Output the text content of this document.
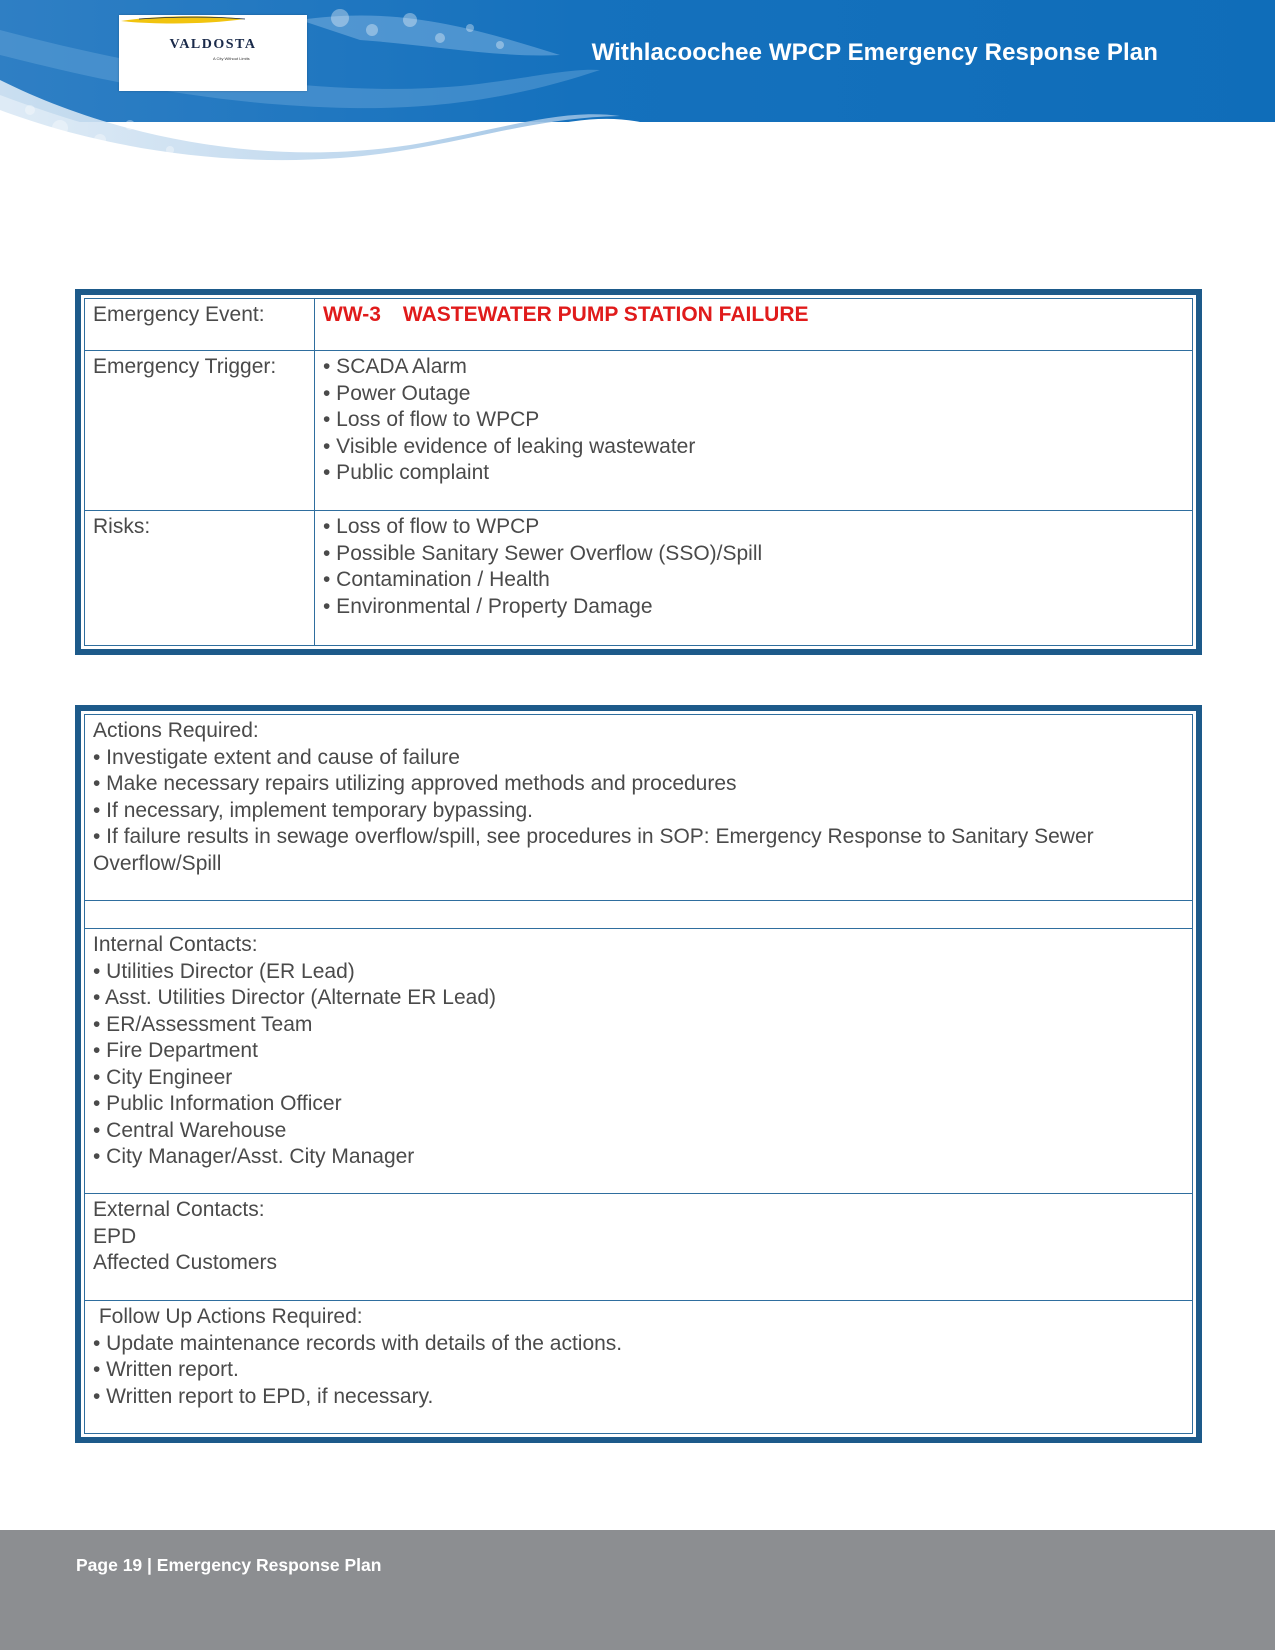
VALDOSTA
A City Without Limits	Withlacoochee WPCP Emergency Response Plan
Emergency Event:	WW-3 WASTEWATER PUMP STATION FAILURE
Emergency Trigger:	• SCADA Alarm
• Power Outage
• Loss of flow to WPCP
• Visible evidence of leaking wastewater
• Public complaint

Risks:	• Loss of flow to WPCP
• Possible Sanitary Sewer Overflow (SSO)/Spill
• Contamination / Health
• Environmental / Property Damage
Actions Required:
• Investigate extent and cause of failure
• Make necessary repairs utilizing approved methods and procedures
• If necessary, implement temporary bypassing.
• If failure results in sewage overflow/spill, see procedures in SOP: Emergency Response to Sanitary Sewer Overflow/Spill

Internal Contacts:
• Utilities Director (ER Lead)
• Asst. Utilities Director (Alternate ER Lead)
• ER/Assessment Team
• Fire Department
• City Engineer
• Public Information Officer
• Central Warehouse
• City Manager/Asst. City Manager

External Contacts:
EPD
Affected Customers

Follow Up Actions Required:
• Update maintenance records with details of the actions.
• Written report.
• Written report to EPD, if necessary.
Page 19 | Emergency Response Plan
